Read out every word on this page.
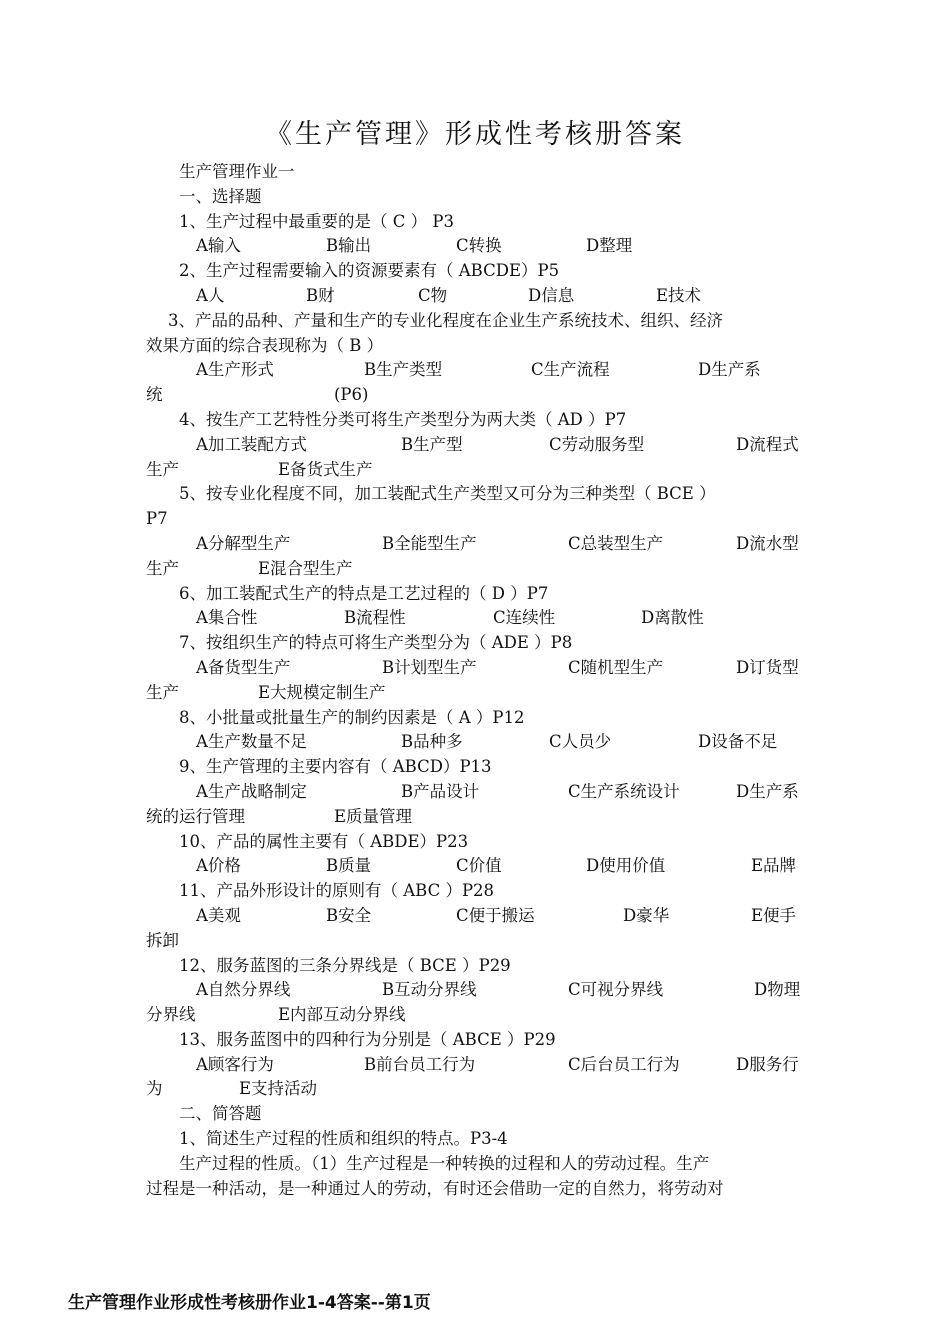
《生产管理》形成性考核册答案
生产管理作业一
一、选择题
1、生产过程中最重要的是（ C ） P3
A输入	B输出	C转换	D整理
2、生产过程需要输入的资源要素有（ ABCDE）P5
A人	B财	C物	D信息	E技术
3、产品的品种、产量和生产的专业化程度在企业生产系统技术、组织、经济
效果方面的综合表现称为（ B ）
A生产形式	B生产类型	C生产流程	D生产系
统	(P6)
4、按生产工艺特性分类可将生产类型分为两大类（ AD ）P7
A加工装配方式	B生产型	C劳动服务型	D流程式
生产	E备货式生产
5、按专业化程度不同，加工装配式生产类型又可分为三种类型（ BCE ）
P7
A分解型生产	B全能型生产	C总装型生产	D流水型
生产	E混合型生产
6、加工装配式生产的特点是工艺过程的（ D ）P7
A集合性	B流程性	C连续性	D离散性
7、按组织生产的特点可将生产类型分为（ ADE ）P8
A备货型生产	B计划型生产	C随机型生产	D订货型
生产	E大规模定制生产
8、小批量或批量生产的制约因素是（ A ）P12
A生产数量不足	B品种多	C人员少	D设备不足
9、生产管理的主要内容有（ ABCD）P13
A生产战略制定	B产品设计	C生产系统设计	D生产系
统的运行管理	E质量管理
10、产品的属性主要有（ ABDE）P23
A价格	B质量	C价值	D使用价值	E品牌
11、产品外形设计的原则有（ ABC ）P28
A美观	B安全	C便于搬运	D豪华	E便手
拆卸
12、服务蓝图的三条分界线是（ BCE ）P29
A自然分界线	B互动分界线	C可视分界线	D物理
分界线	E内部互动分界线
13、服务蓝图中的四种行为分别是（ ABCE ）P29
A顾客行为	B前台员工行为	C后台员工行为	D服务行
为	E支持活动
二、简答题
1、简述生产过程的性质和组织的特点。P3-4
生产过程的性质。（1）生产过程是一种转换的过程和人的劳动过程。生产
过程是一种活动，是一种通过人的劳动，有时还会借助一定的自然力，将劳动对
生产管理作业形成性考核册作业1-4答案--第1页
